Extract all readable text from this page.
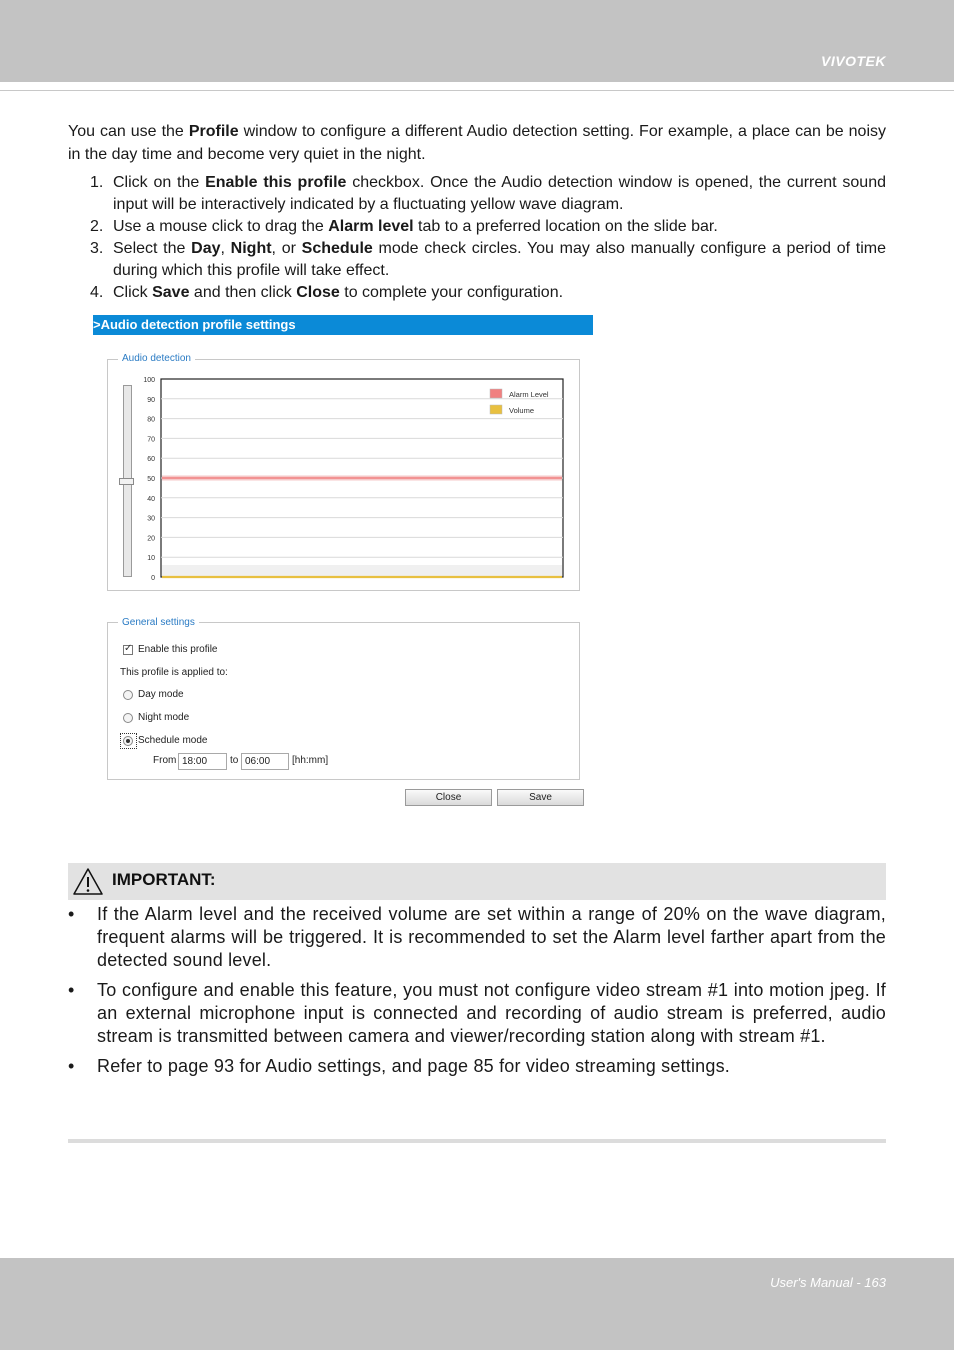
VIVOTEK
You can use the Profile window to configure a different Audio detection setting. For example, a place can be noisy in the day time and become very quiet in the night.
1. Click on the Enable this profile checkbox. Once the Audio detection window is opened, the current sound input will be interactively indicated by a fluctuating yellow wave diagram.
2. Use a mouse click to drag the Alarm level tab to a preferred location on the slide bar.
3. Select the Day, Night, or Schedule mode check circles. You may also manually configure a period of time during which this profile will take effect.
4. Click Save and then click Close to complete your configuration.
>Audio detection profile settings
Audio detection
0
10
20
30
40
50
60
70
80
90
100
Alarm Level
Volume
General settings
✓
Enable this profile
This profile is applied to:
Day mode
Night mode
Schedule mode
From
18:00	to
06:00	[hh:mm]
Close	Save
IMPORTANT:
• If the Alarm level and the received volume are set within a range of 20% on the wave diagram, frequent alarms will be triggered. It is recommended to set the Alarm level farther apart from the detected sound level.
• To configure and enable this feature, you must not configure video stream #1 into motion jpeg. If an external microphone input is connected and recording of audio stream is preferred, audio stream is transmitted between camera and viewer/recording station along with stream #1.
• Refer to page 93 for Audio settings, and page 85 for video streaming settings.
User's Manual - 163
